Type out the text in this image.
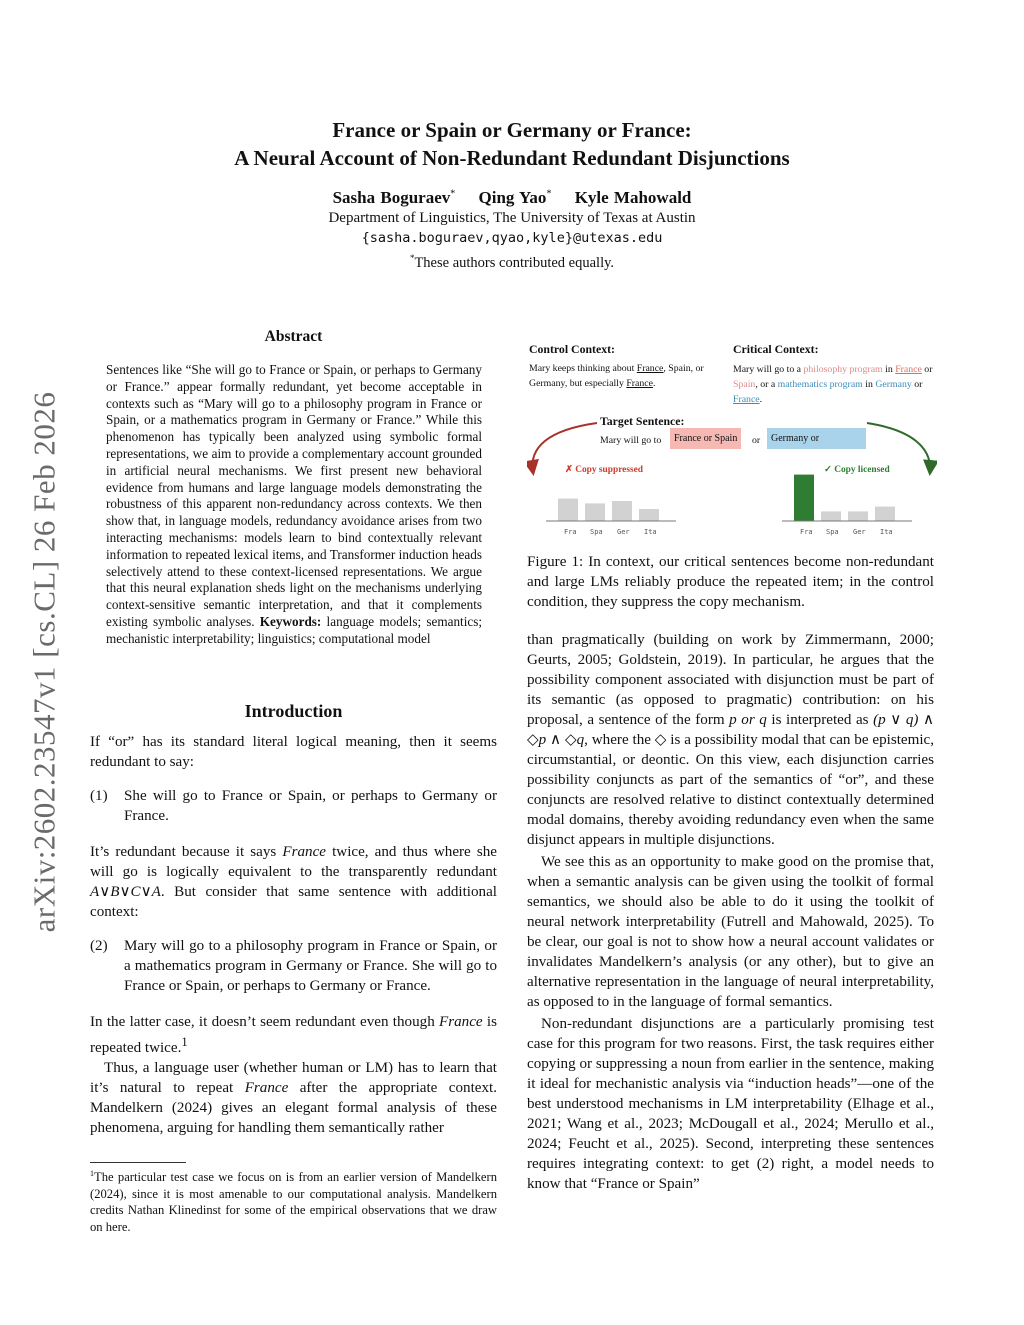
arXiv:2602.23547v1 [cs.CL] 26 Feb 2026
France or Spain or Germany or France:
A Neural Account of Non-Redundant Redundant Disjunctions
Sasha Boguraev* Qing Yao* Kyle Mahowald
Department of Linguistics, The University of Texas at Austin
{sasha.boguraev,qyao,kyle}@utexas.edu
*These authors contributed equally.
Abstract
Sentences like “She will go to France or Spain, or perhaps to Germany or France.” appear formally redundant, yet become acceptable in contexts such as “Mary will go to a philosophy program in France or Spain, or a mathematics program in Germany or France.” While this phenomenon has typically been analyzed using symbolic formal representations, we aim to provide a complementary account grounded in artificial neural mechanisms. We first present new behavioral evidence from humans and large language models demonstrating the robustness of this apparent non-redundancy across contexts. We then show that, in language models, redundancy avoidance arises from two interacting mechanisms: models learn to bind contextually relevant information to repeated lexical items, and Transformer induction heads selectively attend to these context-licensed representations. We argue that this neural explanation sheds light on the mechanisms underlying context-sensitive semantic interpretation, and that it complements existing symbolic analyses. Keywords: language models; semantics; mechanistic interpretability; linguistics; computational model
Introduction

If “or” has its standard literal logical meaning, then it seems redundant to say:

(1)	She will go to France or Spain, or perhaps to Germany or France.

It’s redundant because it says France twice, and thus where she will go is logically equivalent to the transparently redundant A∨B∨C∨A. But consider that same sentence with additional context:

(2)	Mary will go to a philosophy program in France or Spain, or a mathematics program in Germany or France. She will go to France or Spain, or perhaps to Germany or France.

In the latter case, it doesn’t seem redundant even though France is repeated twice.$^1$

Thus, a language user (whether human or LM) has to learn that it’s natural to repeat France after the appropriate context. Mandelkern (2024) gives an elegant formal analysis of these phenomena, arguing for handling them semantically rather

$^1$The particular test case we focus on is from an earlier version of Mandelkern (2024), since it is most amenable to our computational analysis. Mandelkern credits Nathan Klinedinst for some of the empirical observations that we draw on here.

Control Context:
Mary keeps thinking about France, Spain, or Germany, but especially France.
Critical Context:
Mary will go to a philosophy program in France or Spain, or a mathematics program in Germany or France.
Target Sentence:
Mary will go to	France or Spain	or	Germany or
✗ Copy suppressed	✓ Copy licensed
Fra Spa Ger Ita	Fra Spa Ger Ita

Figure 1: In context, our critical sentences become non-redundant and large LMs reliably produce the repeated item; in the control condition, they suppress the copy mechanism.

than pragmatically (building on work by Zimmermann, 2000; Geurts, 2005; Goldstein, 2019). In particular, he argues that the possibility component associated with disjunction must be part of its semantic (as opposed to pragmatic) contribution: on his proposal, a sentence of the form p or q is interpreted as (p ∨ q) ∧ ◇p ∧ ◇q, where the ◇ is a possibility modal that can be epistemic, circumstantial, or deontic. On this view, each disjunction carries possibility conjuncts as part of the semantics of “or”, and these conjuncts are resolved relative to distinct contextually determined modal domains, thereby avoiding redundancy even when the same disjunct appears in multiple disjunctions.

We see this as an opportunity to make good on the promise that, when a semantic analysis can be given using the toolkit of formal semantics, we should also be able to do it using the toolkit of neural network interpretability (Futrell and Mahowald, 2025). To be clear, our goal is not to show how a neural account validates or invalidates Mandelkern’s analysis (or any other), but to give an alternative representation in the language of neural interpretability, as opposed to in the language of formal semantics.

Non-redundant disjunctions are a particularly promising test case for this program for two reasons. First, the task requires either copying or suppressing a noun from earlier in the sentence, making it ideal for mechanistic analysis via “induction heads”—one of the best understood mechanisms in LM interpretability (Elhage et al., 2021; Wang et al., 2023; McDougall et al., 2024; Merullo et al., 2024; Feucht et al., 2025). Second, interpreting these sentences requires integrating context: to get (2) right, a model needs to know that “France or Spain”
